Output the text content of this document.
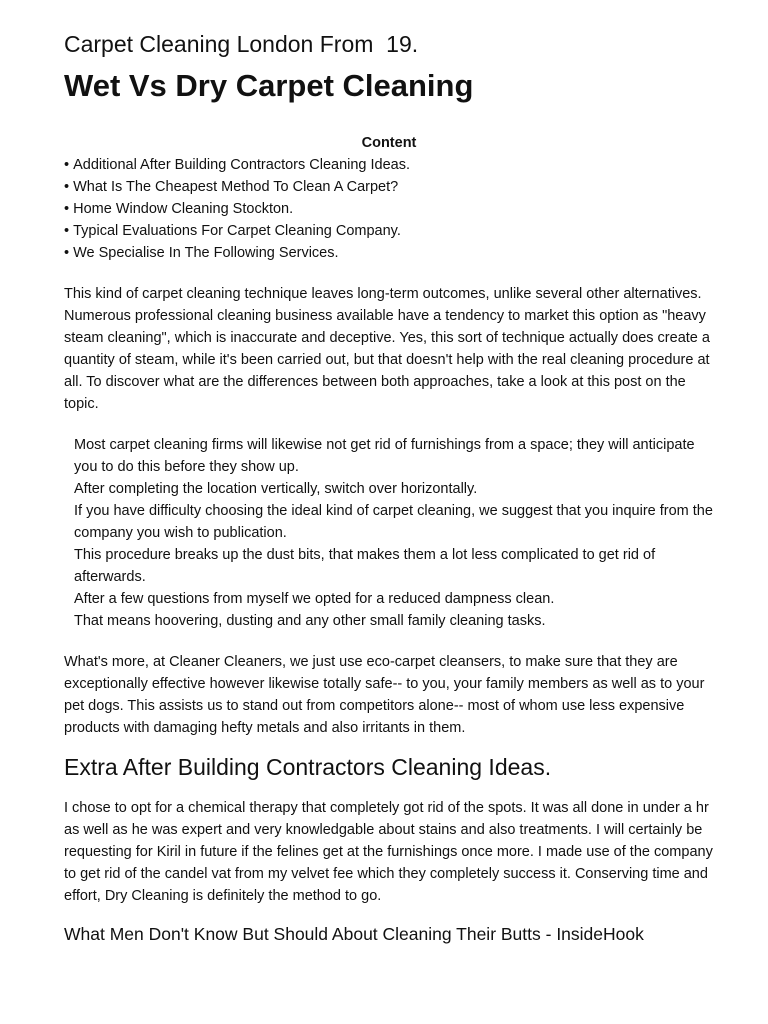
Carpet Cleaning London From  19.
Wet Vs Dry Carpet Cleaning
Content
• Additional After Building Contractors Cleaning Ideas.
• What Is The Cheapest Method To Clean A Carpet?
• Home Window Cleaning Stockton.
• Typical Evaluations For Carpet Cleaning Company.
• We Specialise In The Following Services.

This kind of carpet cleaning technique leaves long-term outcomes, unlike several other alternatives. Numerous professional cleaning business available have a tendency to market this option as "heavy steam cleaning", which is inaccurate and deceptive. Yes, this sort of technique actually does create a quantity of steam, while it's been carried out, but that doesn't help with the real cleaning procedure at all. To discover what are the differences between both approaches, take a look at this post on the topic.

Most carpet cleaning firms will likewise not get rid of furnishings from a space; they will anticipate you to do this before they show up.
After completing the location vertically, switch over horizontally.
If you have difficulty choosing the ideal kind of carpet cleaning, we suggest that you inquire from the company you wish to publication.
This procedure breaks up the dust bits, that makes them a lot less complicated to get rid of afterwards.
After a few questions from myself we opted for a reduced dampness clean.
That means hoovering, dusting and any other small family cleaning tasks.

What's more, at Cleaner Cleaners, we just use eco-carpet cleansers, to make sure that they are exceptionally effective however likewise totally safe-- to you, your family members as well as to your pet dogs. This assists us to stand out from competitors alone-- most of whom use less expensive products with damaging hefty metals and also irritants in them.

Extra After Building Contractors Cleaning Ideas.

I chose to opt for a chemical therapy that completely got rid of the spots. It was all done in under a hr as well as he was expert and very knowledgable about stains and also treatments. I will certainly be requesting for Kiril in future if the felines get at the furnishings once more. I made use of the company to get rid of the candel vat from my velvet fee which they completely success it. Conserving time and effort, Dry Cleaning is definitely the method to go.

What Men Don't Know But Should About Cleaning Their Butts - InsideHook
